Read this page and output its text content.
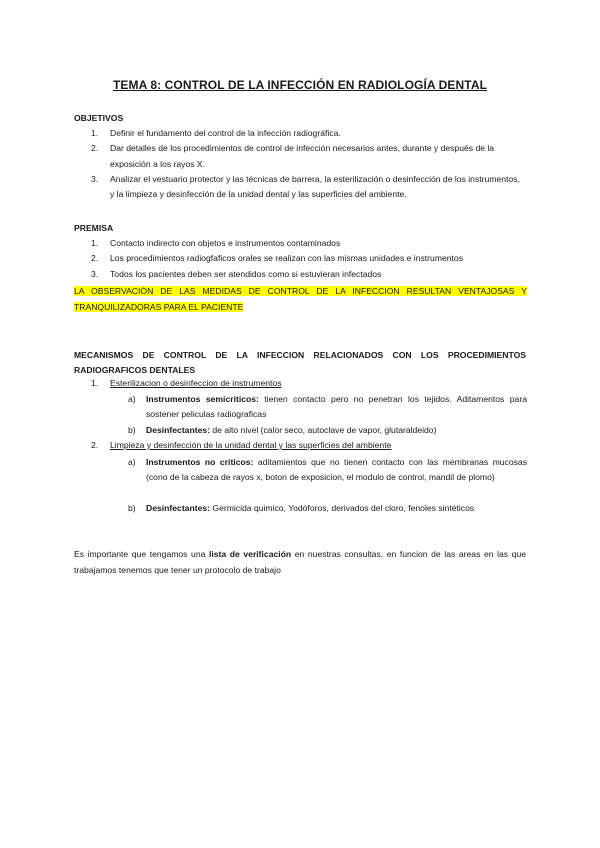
TEMA 8: CONTROL DE LA INFECCIÓN EN RADIOLOGÍA DENTAL
OBJETIVOS
1. Definir el fundamento del control de la infección radiográfica.
2. Dar detalles de los procedimientos de control de infección necesarios antes, durante y después de la exposición a los rayos X.
3. Analizar el vestuario protector y las técnicas de barrera, la esterilización o desinfección de los instrumentos, y la limpieza y desinfección de la unidad dental y las superficies del ambiente.
PREMISA
1. Contacto indirecto con objetos e instrumentos contaminados
2. Los procedimientos radiogfaficos orales se realizan con las mismas unidades e instrumentos
3. Todos los pacientes deben ser atendidos como si estuvieran infectados
LA OBSERVACIÓN DE LAS MEDIDAS DE CONTROL DE LA INFECCION RESULTAN VENTAJOSAS Y TRANQUILIZADORAS PARA EL PACIENTE
MECANISMOS DE CONTROL DE LA INFECCION RELACIONADOS CON LOS PROCEDIMIENTOS RADIOGRAFICOS DENTALES
1. Esterilizacion o desinfeccion de instrumentos
a) Instrumentos semicriticos: tienen contacto pero no penetran los tejidos. Aditamentos para sostener peliculas radiograficas
b) Desinfectantes: de alto nivel (calor seco, autoclave de vapor, glutaraldeido)
2. Limpieza y desinfección de la unidad dental y las superficies del ambiente
a) Instrumentos no críticos: aditamientos que no tienen contacto con las membranas mucosas (cono de la cabeza de rayos x, boton de exposicion, el modulo de control, mandil de plomo)
b) Desinfectantes: Germicida quimico, Yodóforos, derivados del cloro, fenoles sintéticos
Es importante que tengamos una lista de verificación en nuestras consultas, en funcion de las areas en las que trabajamos tenemos que tener un protocolo de trabajo
